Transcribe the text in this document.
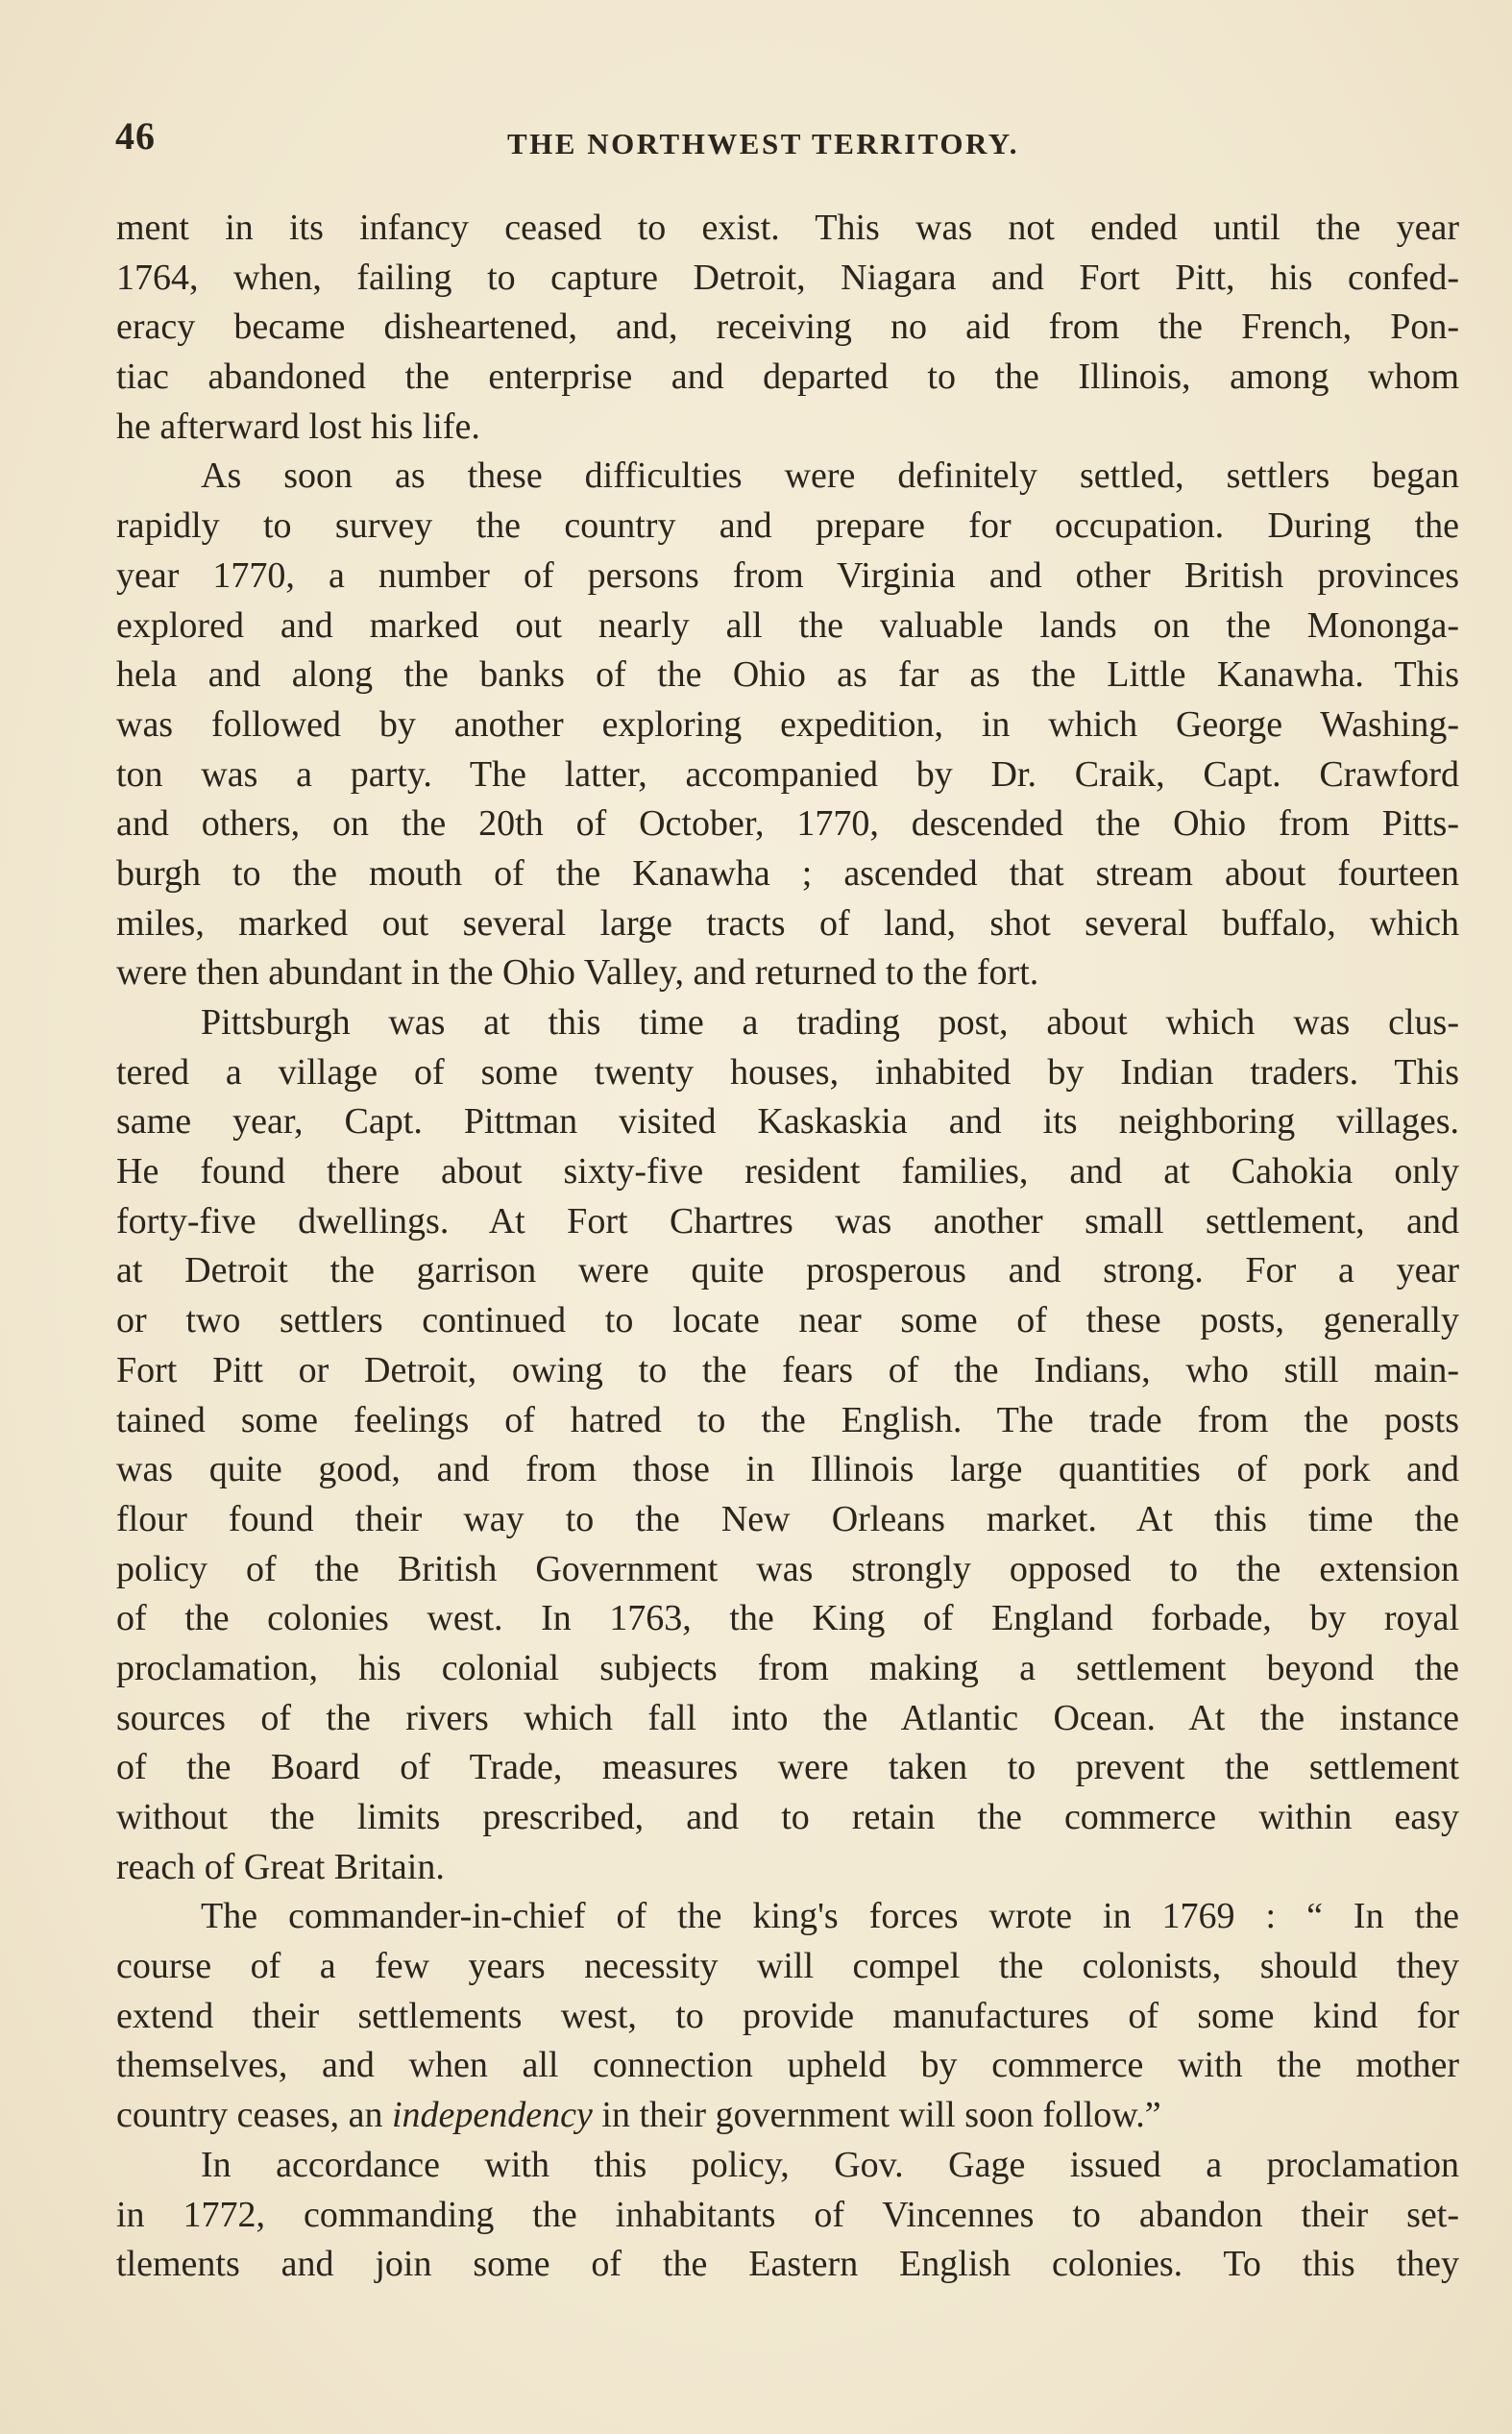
46	THE NORTHWEST TERRITORY.
ment in its infancy ceased to exist. This was not ended until the year
1764, when, failing to capture Detroit, Niagara and Fort Pitt, his confed-
eracy became disheartened, and, receiving no aid from the French, Pon-
tiac abandoned the enterprise and departed to the Illinois, among whom
he afterward lost his life.
As soon as these difficulties were definitely settled, settlers began
rapidly to survey the country and prepare for occupation. During the
year 1770, a number of persons from Virginia and other British provinces
explored and marked out nearly all the valuable lands on the Mononga-
hela and along the banks of the Ohio as far as the Little Kanawha. This
was followed by another exploring expedition, in which George Washing-
ton was a party. The latter, accompanied by Dr. Craik, Capt. Crawford
and others, on the 20th of October, 1770, descended the Ohio from Pitts-
burgh to the mouth of the Kanawha ; ascended that stream about fourteen
miles, marked out several large tracts of land, shot several buffalo, which
were then abundant in the Ohio Valley, and returned to the fort.
Pittsburgh was at this time a trading post, about which was clus-
tered a village of some twenty houses, inhabited by Indian traders. This
same year, Capt. Pittman visited Kaskaskia and its neighboring villages.
He found there about sixty-five resident families, and at Cahokia only
forty-five dwellings. At Fort Chartres was another small settlement, and
at Detroit the garrison were quite prosperous and strong. For a year
or two settlers continued to locate near some of these posts, generally
Fort Pitt or Detroit, owing to the fears of the Indians, who still main-
tained some feelings of hatred to the English. The trade from the posts
was quite good, and from those in Illinois large quantities of pork and
flour found their way to the New Orleans market. At this time the
policy of the British Government was strongly opposed to the extension
of the colonies west. In 1763, the King of England forbade, by royal
proclamation, his colonial subjects from making a settlement beyond the
sources of the rivers which fall into the Atlantic Ocean. At the instance
of the Board of Trade, measures were taken to prevent the settlement
without the limits prescribed, and to retain the commerce within easy
reach of Great Britain.
The commander-in-chief of the king's forces wrote in 1769 : “ In the
course of a few years necessity will compel the colonists, should they
extend their settlements west, to provide manufactures of some kind for
themselves, and when all connection upheld by commerce with the mother
country ceases, an independency in their government will soon follow.”
In accordance with this policy, Gov. Gage issued a proclamation
in 1772, commanding the inhabitants of Vincennes to abandon their set-
tlements and join some of the Eastern English colonies. To this they
